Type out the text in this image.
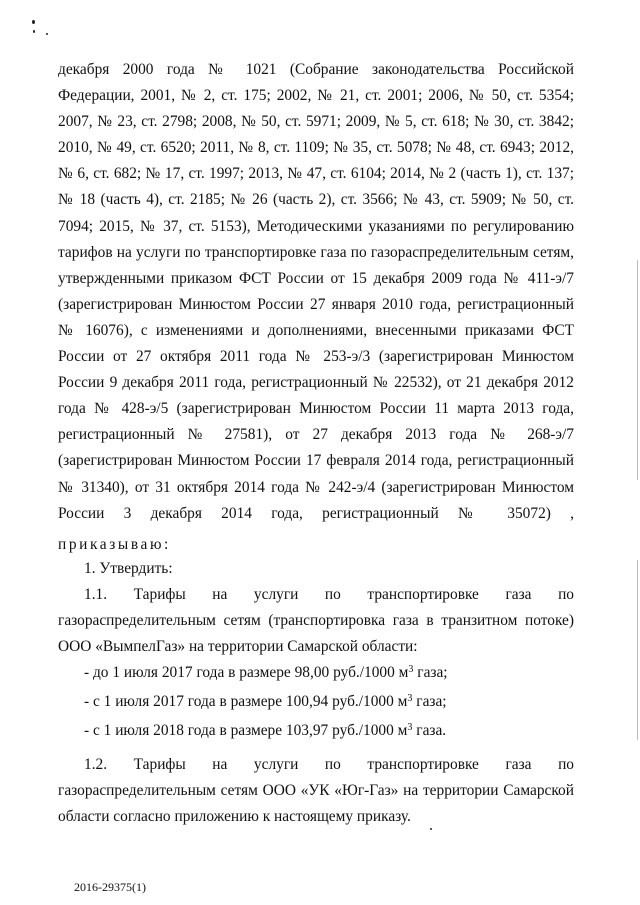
декабря 2000 года № 1021 (Собрание законодательства Российской Федерации, 2001, № 2, ст. 175; 2002, № 21, ст. 2001; 2006, № 50, ст. 5354; 2007, № 23, ст. 2798; 2008, № 50, ст. 5971; 2009, № 5, ст. 618; № 30, ст. 3842; 2010, № 49, ст. 6520; 2011, № 8, ст. 1109; № 35, ст. 5078; № 48, ст. 6943; 2012, № 6, ст. 682; № 17, ст. 1997; 2013, № 47, ст. 6104; 2014, № 2 (часть 1), ст. 137; № 18 (часть 4), ст. 2185; № 26 (часть 2), ст. 3566; № 43, ст. 5909; № 50, ст. 7094; 2015, № 37, ст. 5153), Методическими указаниями по регулированию тарифов на услуги по транспортировке газа по газораспределительным сетям, утвержденными приказом ФСТ России от 15 декабря 2009 года № 411-э/7 (зарегистрирован Минюстом России 27 января 2010 года, регистрационный № 16076), с изменениями и дополнениями, внесенными приказами ФСТ России от 27 октября 2011 года № 253-э/3 (зарегистрирован Минюстом России 9 декабря 2011 года, регистрационный № 22532), от 21 декабря 2012 года № 428-э/5 (зарегистрирован Минюстом России 11 марта 2013 года, регистрационный № 27581), от 27 декабря 2013 года № 268-э/7 (зарегистрирован Минюстом России 17 февраля 2014 года, регистрационный № 31340), от 31 октября 2014 года № 242-э/4 (зарегистрирован Минюстом России 3 декабря 2014 года, регистрационный № 35072) ,

приказываю:

1. Утвердить:

1.1. Тарифы на услуги по транспортировке газа по газораспределительным сетям (транспортировка газа в транзитном потоке) ООО «ВымпелГаз» на территории Самарской области:

- до 1 июля 2017 года в размере 98,00 руб./1000 $м^3$ газа;

- с 1 июля 2017 года в размере 100,94 руб./1000 $м^3$ газа;

- с 1 июля 2018 года в размере 103,97 руб./1000 $м^3$ газа.

1.2. Тарифы на услуги по транспортировке газа по газораспределительным сетям ООО «УК «Юг-Газ» на территории Самарской области согласно приложению к настоящему приказу.

2016-29375(1)
